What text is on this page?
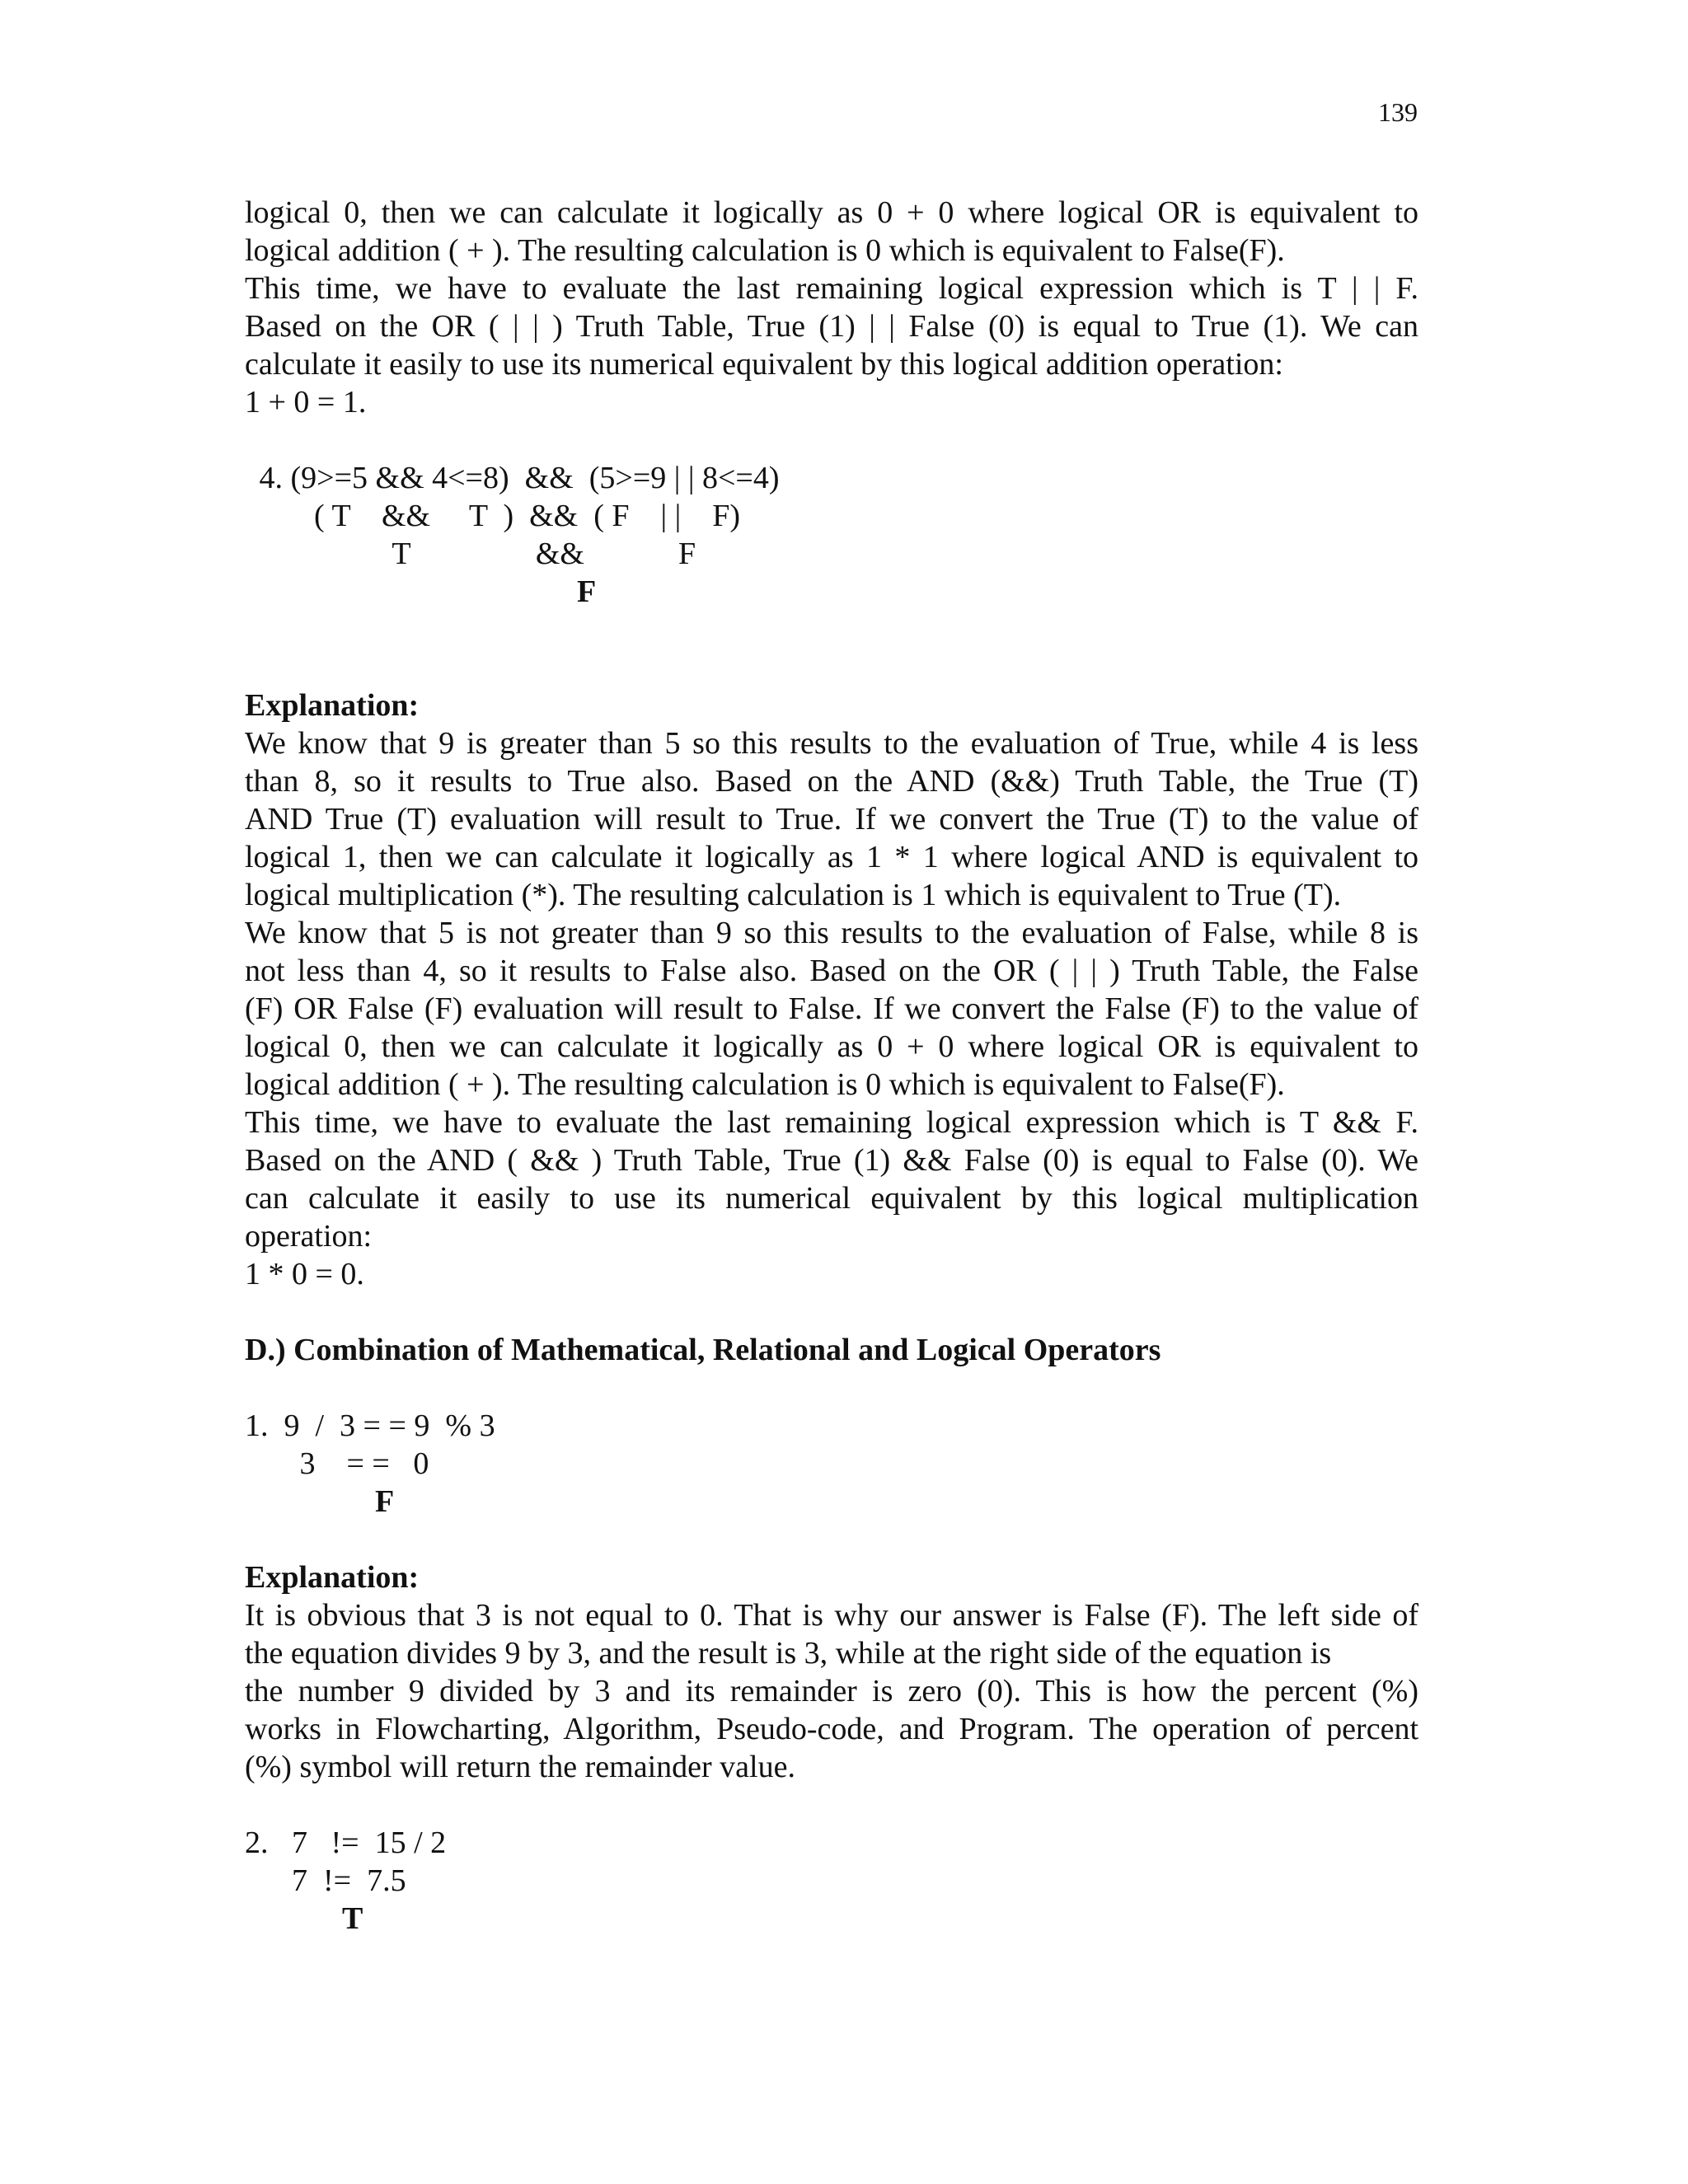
139

logical 0, then we can calculate it logically as 0 + 0 where logical OR is equivalent to

logical addition ( + ). The resulting calculation is 0 which is equivalent to False(F).

This time, we have to evaluate the last remaining logical expression which is T | | F.

Based on the OR ( | | ) Truth Table, True (1) | | False (0) is equal to True (1). We can

calculate it easily to use its numerical equivalent by this logical addition operation:

1 + 0 = 1.

4. (9>=5 && 4<=8)  &&  (5>=9 | | 8<=4)

( T    &&     T  )  &&  ( F    | |    F)

T                &&            F

F

Explanation:

We know that 9 is greater than 5 so this results to the evaluation of True, while 4 is less

than 8, so it results to True also. Based on the AND (&&) Truth Table, the True (T)

AND True (T) evaluation will result to True. If we convert the True (T) to the value of

logical 1, then we can calculate it logically as 1 * 1 where logical AND is equivalent to

logical multiplication (*). The resulting calculation is 1 which is equivalent to True (T).

We know that 5 is not greater than 9 so this results to the evaluation of False, while 8 is

not less than 4, so it results to False also. Based on the OR ( | | ) Truth Table, the False

(F) OR False (F) evaluation will result to False. If we convert the False (F) to the value of

logical 0, then we can calculate it logically as 0 + 0 where logical OR is equivalent to

logical addition ( + ). The resulting calculation is 0 which is equivalent to False(F).

This time, we have to evaluate the last remaining logical expression which is T && F.

Based on the AND ( && ) Truth Table, True (1) && False (0) is equal to False (0). We

can calculate it easily to use its numerical equivalent by this logical multiplication

operation:

1 * 0 = 0.

D.) Combination of Mathematical, Relational and Logical Operators

1.  9  /  3 = = 9  % 3

3    = =   0

F

Explanation:

It is obvious that 3 is not equal to 0. That is why our answer is False (F). The left side of

the equation divides 9 by 3, and the result is 3, while at the right side of the equation is

the number 9 divided by 3 and its remainder is zero (0). This is how the percent (%)

works in Flowcharting, Algorithm, Pseudo-code, and Program. The operation of percent

(%) symbol will return the remainder value.

2.   7   !=  15 / 2

7  !=  7.5

T
